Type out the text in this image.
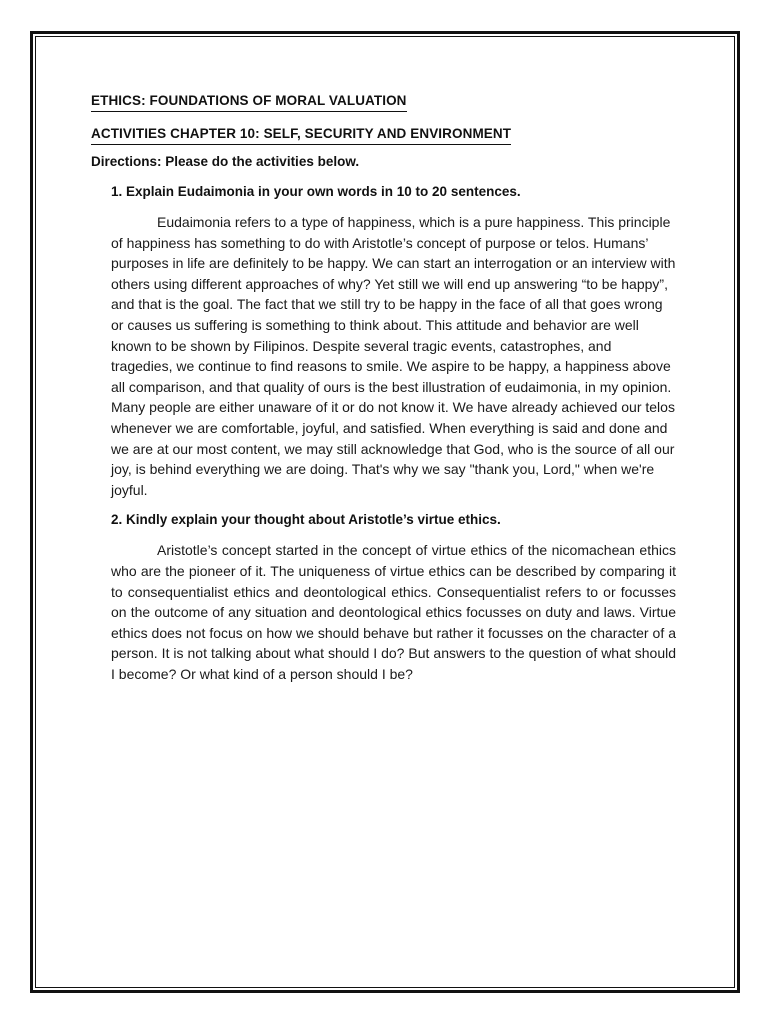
ETHICS: FOUNDATIONS OF MORAL VALUATION
ACTIVITIES CHAPTER 10: SELF, SECURITY AND ENVIRONMENT

Directions: Please do the activities below.

1. Explain Eudaimonia in your own words in 10 to 20 sentences.

Eudaimonia refers to a type of happiness, which is a pure happiness. This principle of happiness has something to do with Aristotle’s concept of purpose or telos. Humans’ purposes in life are definitely to be happy. We can start an interrogation or an interview with others using different approaches of why? Yet still we will end up answering “to be happy”, and that is the goal. The fact that we still try to be happy in the face of all that goes wrong or causes us suffering is something to think about. This attitude and behavior are well known to be shown by Filipinos. Despite several tragic events, catastrophes, and tragedies, we continue to find reasons to smile. We aspire to be happy, a happiness above all comparison, and that quality of ours is the best illustration of eudaimonia, in my opinion. Many people are either unaware of it or do not know it. We have already achieved our telos whenever we are comfortable, joyful, and satisfied. When everything is said and done and we are at our most content, we may still acknowledge that God, who is the source of all our joy, is behind everything we are doing. That's why we say "thank you, Lord," when we're joyful.

2. Kindly explain your thought about Aristotle’s virtue ethics.

Aristotle’s concept started in the concept of virtue ethics of the nicomachean ethics who are the pioneer of it. The uniqueness of virtue ethics can be described by comparing it to consequentialist ethics and deontological ethics. Consequentialist refers to or focusses on the outcome of any situation and deontological ethics focusses on duty and laws. Virtue ethics does not focus on how we should behave but rather it focusses on the character of a person. It is not talking about what should I do? But answers to the question of what should I become? Or what kind of a person should I be?
